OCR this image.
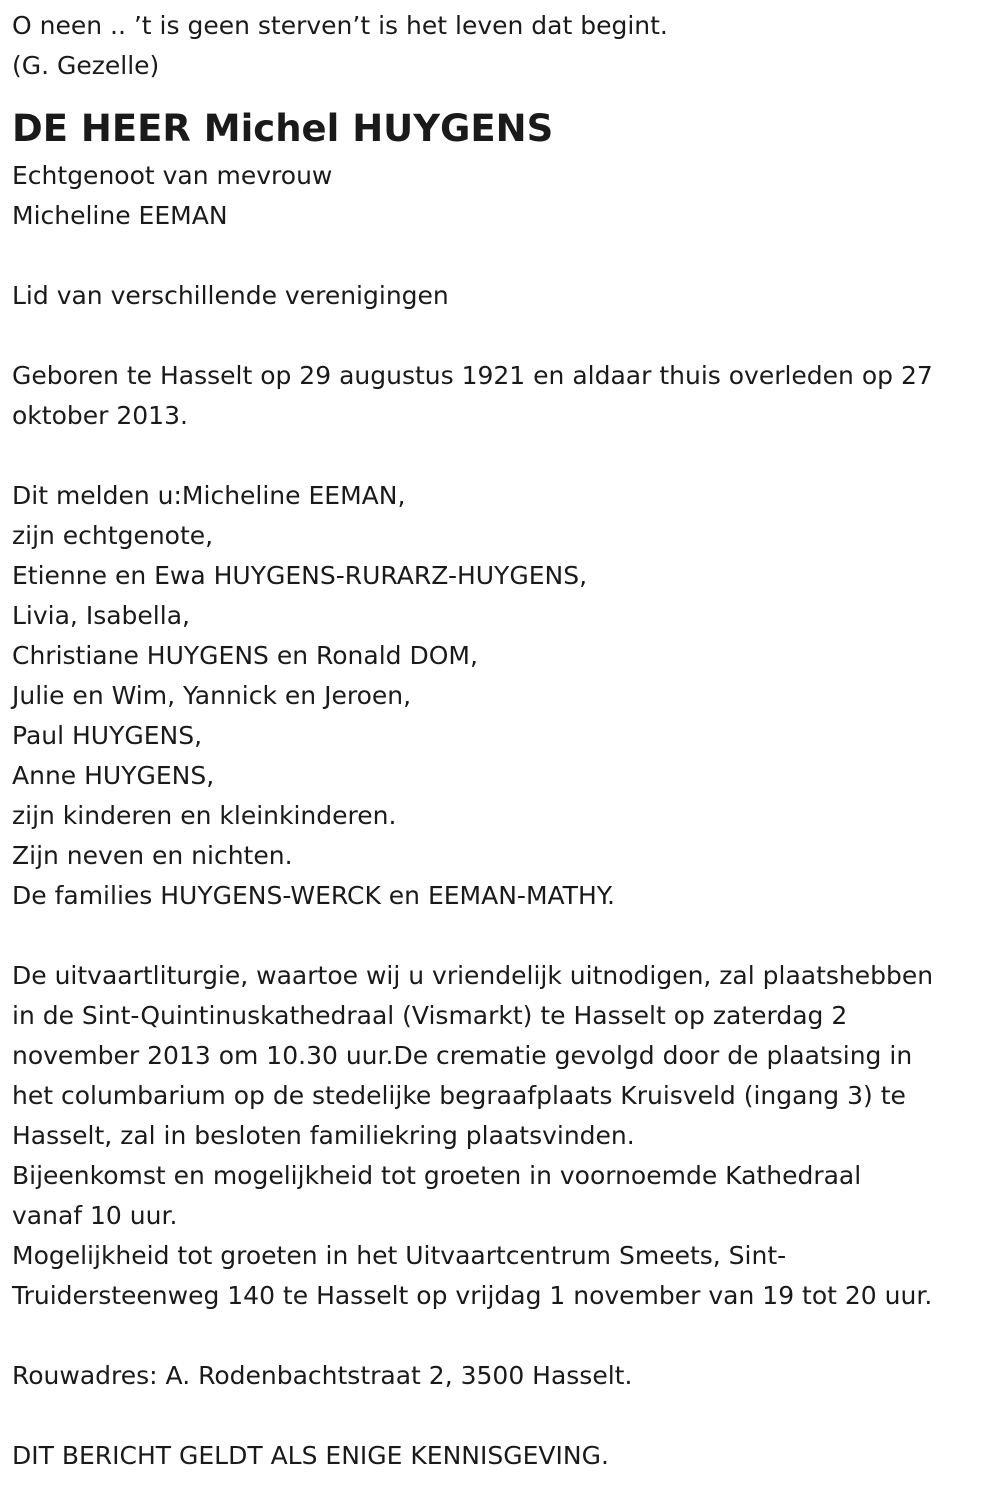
O neen .. ’t is geen sterven’t is het leven dat begint.
(G. Gezelle)
DE HEER Michel HUYGENS
Echtgenoot van mevrouw
Micheline EEMAN
Lid van verschillende verenigingen
Geboren te Hasselt op 29 augustus 1921 en aldaar thuis overleden op 27
oktober 2013.
Dit melden u:Micheline EEMAN,
zijn echtgenote,
Etienne en Ewa HUYGENS-RURARZ-HUYGENS,
Livia, Isabella,
Christiane HUYGENS en Ronald DOM,
Julie en Wim, Yannick en Jeroen,
Paul HUYGENS,
Anne HUYGENS,
zijn kinderen en kleinkinderen.
Zijn neven en nichten.
De families HUYGENS-WERCK en EEMAN-MATHY.
De uitvaartliturgie, waartoe wij u vriendelijk uitnodigen, zal plaatshebben
in de Sint-Quintinuskathedraal (Vismarkt) te Hasselt op zaterdag 2
november 2013 om 10.30 uur.De crematie gevolgd door de plaatsing in
het columbarium op de stedelijke begraafplaats Kruisveld (ingang 3) te
Hasselt, zal in besloten familiekring plaatsvinden.
Bijeenkomst en mogelijkheid tot groeten in voornoemde Kathedraal
vanaf 10 uur.
Mogelijkheid tot groeten in het Uitvaartcentrum Smeets, Sint-
Truidersteenweg 140 te Hasselt op vrijdag 1 november van 19 tot 20 uur.
Rouwadres: A. Rodenbachtstraat 2, 3500 Hasselt.
DIT BERICHT GELDT ALS ENIGE KENNISGEVING.
